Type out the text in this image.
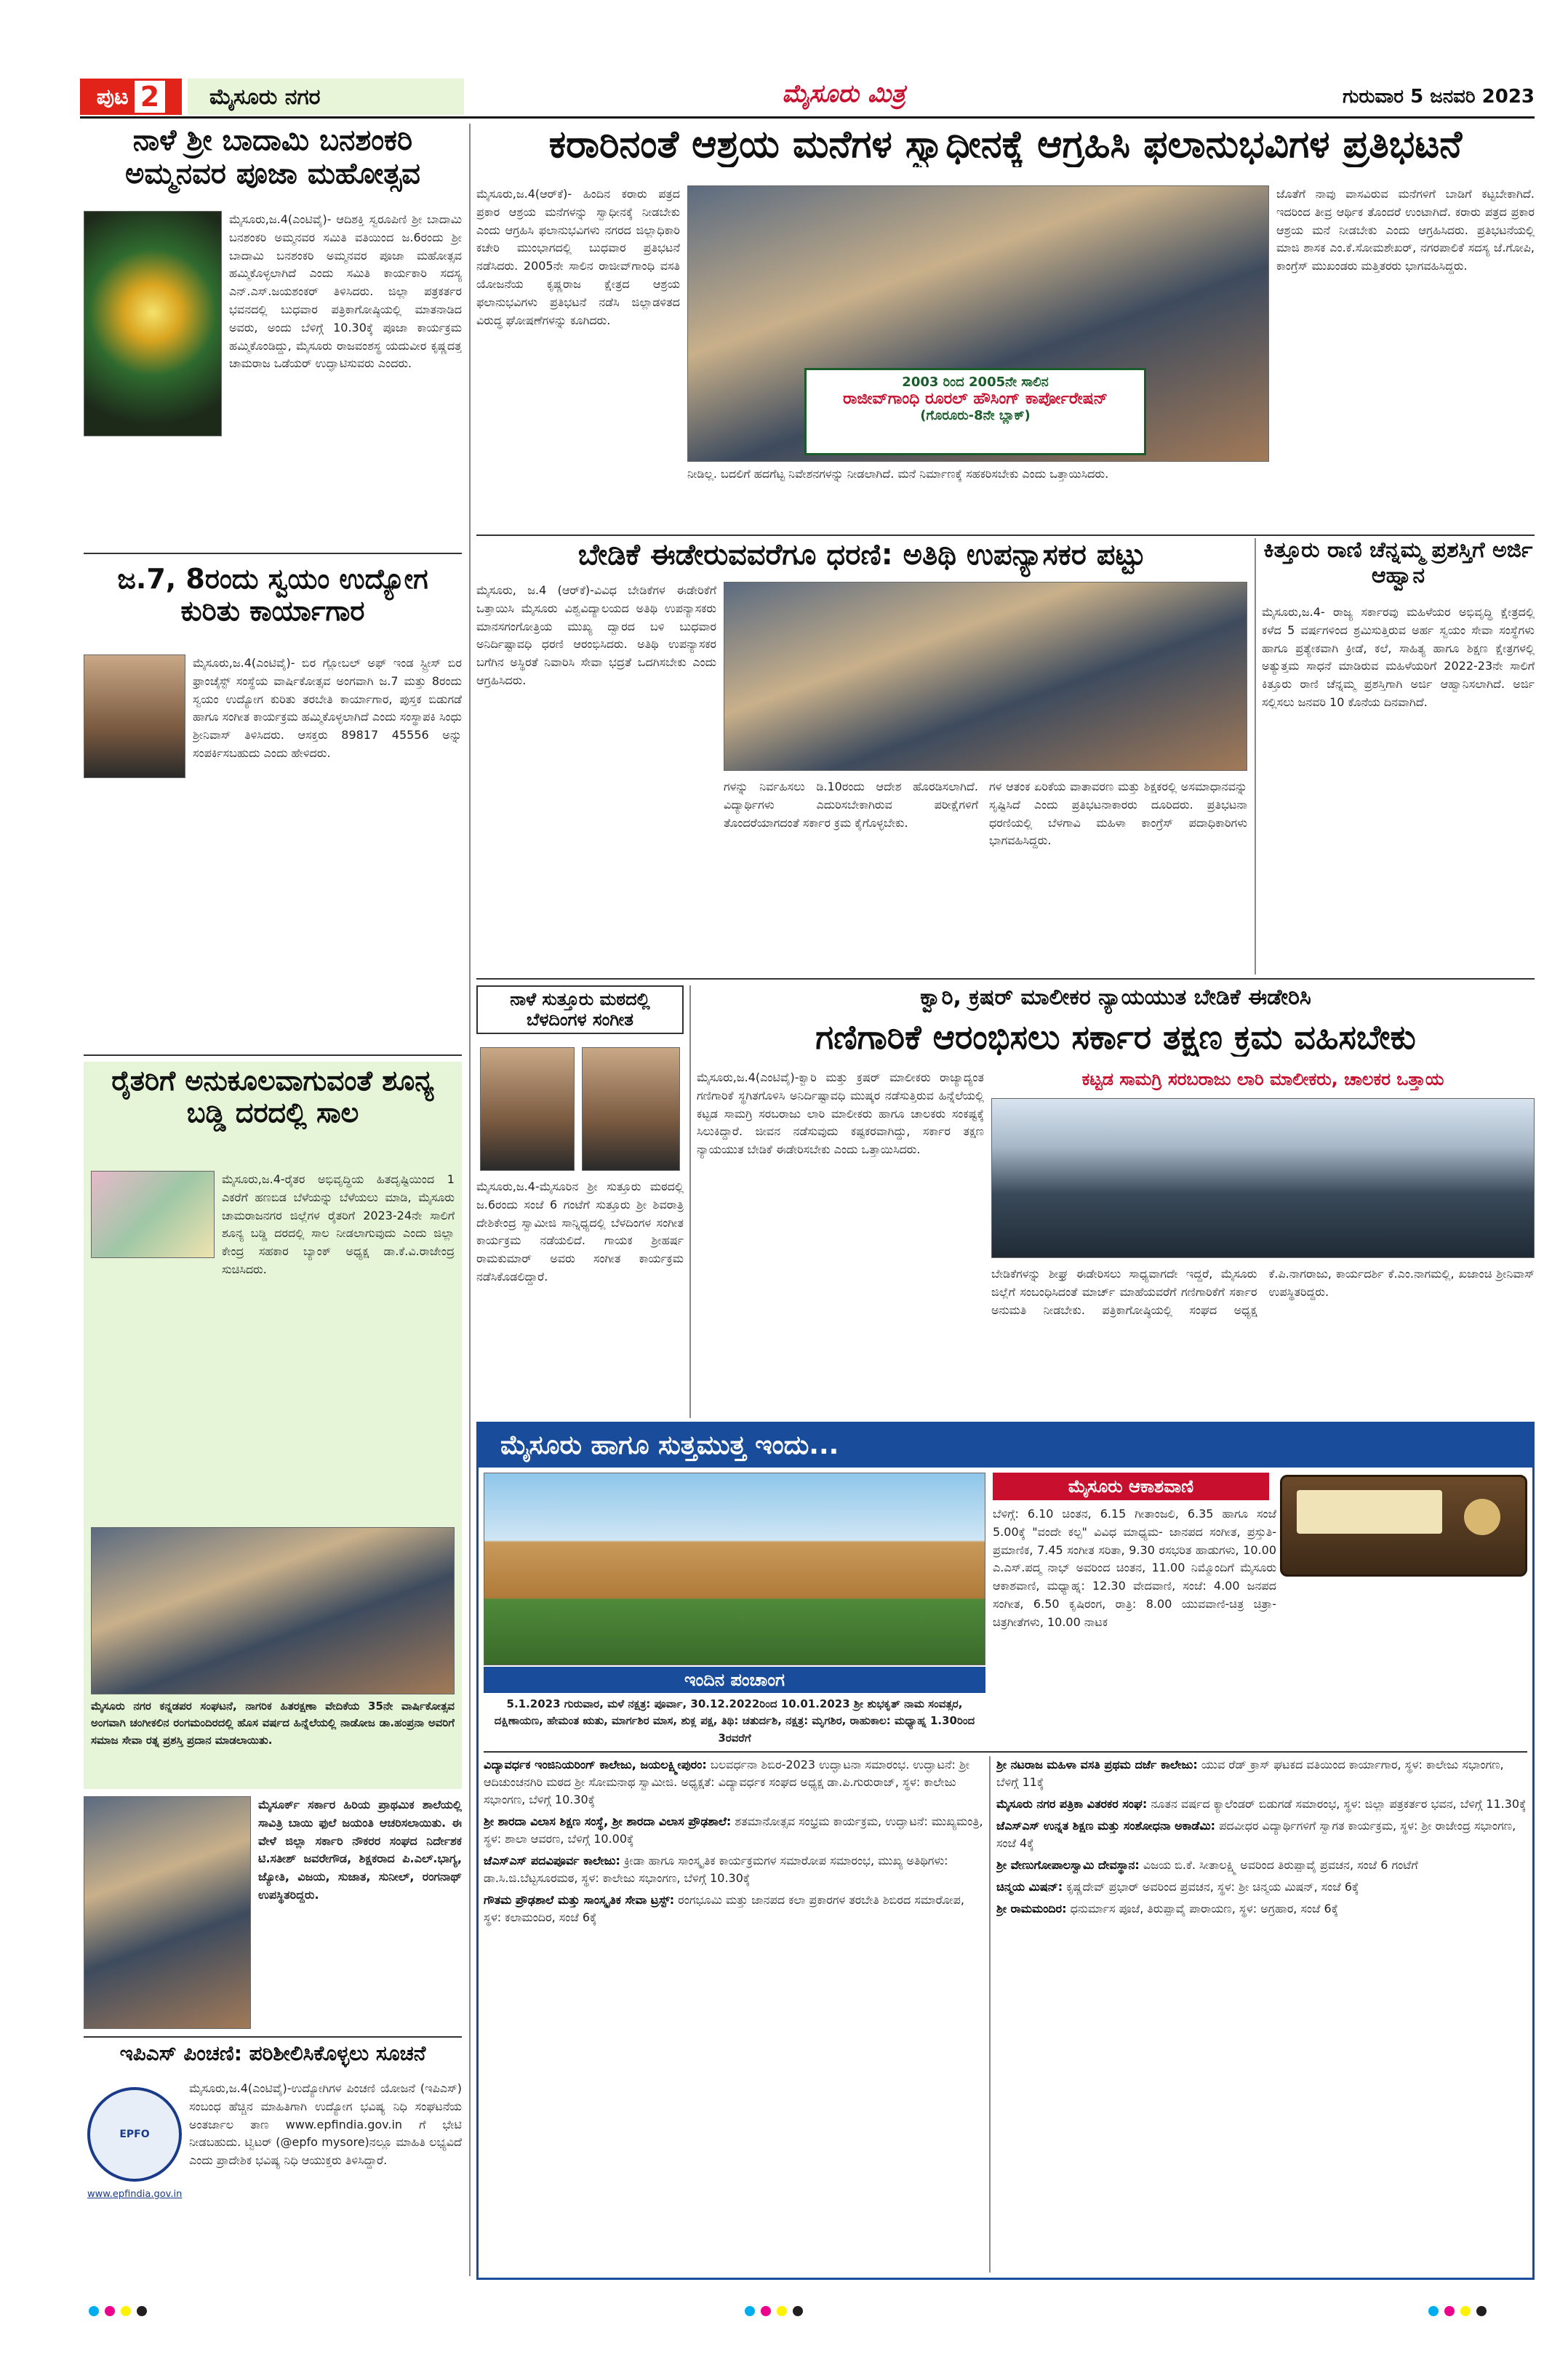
ಪುಟ 2	ಮೈಸೂರು ನಗರ	ಮೈಸೂರು ಮಿತ್ರ	ಗುರುವಾರ 5 ಜನವರಿ 2023
ನಾಳೆ ಶ್ರೀ ಬಾದಾಮಿ ಬನಶಂಕರಿ ಅಮ್ಮನವರ ಪೂಜಾ ಮಹೋತ್ಸವ
ಮೈಸೂರು,ಜ.4(ಎಂಟಿವೈ)- ಆದಿಶಕ್ತಿ ಸ್ವರೂಪಿಣಿ ಶ್ರೀ ಬಾದಾಮಿ ಬನಶಂಕರಿ ಅಮ್ಮನವರ ಸಮಿತಿ ವತಿಯಿಂದ ಜ.6ರಂದು ಶ್ರೀ ಬಾದಾಮಿ ಬನಶಂಕರಿ ಅಮ್ಮನವರ ಪೂಜಾ ಮಹೋತ್ಸವ ಹಮ್ಮಿಕೊಳ್ಳಲಾಗಿದೆ ಎಂದು ಸಮಿತಿ ಕಾರ್ಯಕಾರಿ ಸದಸ್ಯ ಎನ್.ಎಸ್.ಜಯಶಂಕರ್ ತಿಳಿಸಿದರು. ಜಿಲ್ಲಾ ಪತ್ರಕರ್ತರ ಭವನದಲ್ಲಿ ಬುಧವಾರ ಪತ್ರಿಕಾಗೋಷ್ಠಿಯಲ್ಲಿ ಮಾತನಾಡಿದ ಅವರು, ಅಂದು ಬೆಳಿಗ್ಗೆ 10.30ಕ್ಕೆ ಪೂಜಾ ಕಾರ್ಯಕ್ರಮ ಹಮ್ಮಿಕೊಂಡಿದ್ದು, ಮೈಸೂರು ರಾಜವಂಶಸ್ಥ ಯದುವೀರ ಕೃಷ್ಣದತ್ತ ಚಾಮರಾಜ ಒಡೆಯರ್ ಉದ್ಘಾಟಿಸುವರು ಎಂದರು.
ಜ.7, 8ರಂದು ಸ್ವಯಂ ಉದ್ಯೋಗ ಕುರಿತು ಕಾರ್ಯಾಗಾರ
ಮೈಸೂರು,ಜ.4(ಎಂಟಿವೈ)- ಬಿರ ಗ್ಲೋಬಲ್ ಅಫ್ ಇಂಡ ಸ್ಟ್ರೀಸ್ ಬಿರ ಫ್ರಾಂಚೈಸ್ಟ್ ಸಂಸ್ಥೆಯ ವಾರ್ಷಿಕೋತ್ಸವ ಅಂಗವಾಗಿ ಜ.7 ಮತ್ತು 8ರಂದು ಸ್ವಯಂ ಉದ್ಯೋಗ ಕುರಿತು ತರಬೇತಿ ಕಾರ್ಯಾಗಾರ, ಪುಸ್ತಕ ಬಿಡುಗಡೆ ಹಾಗೂ ಸಂಗೀತ ಕಾರ್ಯಕ್ರಮ ಹಮ್ಮಿಕೊಳ್ಳಲಾಗಿದೆ ಎಂದು ಸಂಸ್ಥಾಪಕಿ ಸಿಂಧು ಶ್ರೀನಿವಾಸ್ ತಿಳಿಸಿದರು. ಆಸಕ್ತರು 89817 45556 ಅನ್ನು ಸಂಪರ್ಕಿಸಬಹುದು ಎಂದು ಹೇಳಿದರು.
ರೈತರಿಗೆ ಅನುಕೂಲವಾಗುವಂತೆ ಶೂನ್ಯ ಬಡ್ಡಿ ದರದಲ್ಲಿ ಸಾಲ
ಮೈಸೂರು,ಜ.4-ರೈತರ ಅಭಿವೃದ್ಧಿಯ ಹಿತದೃಷ್ಟಿಯಿಂದ 1 ಎಕರೆಗೆ ಹಣಬಿಡ ಬೆಳೆಯನ್ನು ಬೆಳೆಯಲು ಮಾಡಿ, ಮೈಸೂರು ಚಾಮರಾಜನಗರ ಜಿಲ್ಲೆಗಳ ರೈತರಿಗೆ 2023-24ನೇ ಸಾಲಿಗೆ ಶೂನ್ಯ ಬಡ್ಡಿ ದರದಲ್ಲಿ ಸಾಲ ನೀಡಲಾಗುವುದು ಎಂದು ಜಿಲ್ಲಾ ಕೇಂದ್ರ ಸಹಕಾರ ಬ್ಯಾಂಕ್ ಅಧ್ಯಕ್ಷ ಡಾ.ಕೆ.ವಿ.ರಾಜೇಂದ್ರ ಸುಚಿಸಿದರು.
ಮೈಸೂರು ನಗರ ಕನ್ನಡಪರ ಸಂಘಟನೆ, ನಾಗರಿಕ ಹಿತರಕ್ಷಣಾ ವೇದಿಕೆಯ 35ನೇ ವಾರ್ಷಿಕೋತ್ಸವ ಅಂಗವಾಗಿ ಚಂಗೀಕಲಿನ ರಂಗಮಂದಿರದಲ್ಲಿ ಹೊಸ ವರ್ಷದ ಹಿನ್ನೆಲೆಯಲ್ಲಿ ನಾಡೋಜ ಡಾ.ಹಂಪ್ರನಾ ಅವರಿಗೆ ಸಮಾಜ ಸೇವಾ ರತ್ನ ಪ್ರಶಸ್ತಿ ಪ್ರದಾನ ಮಾಡಲಾಯಿತು.
ಮೈಸೂರ್ಕ್ ಸರ್ಕಾರ ಹಿರಿಯ ಪ್ರಾಥಮಿಕ ಶಾಲೆಯಲ್ಲಿ ಸಾವಿತ್ರಿ ಬಾಯಿ ಫುಲೆ ಜಯಂತಿ ಆಚರಿಸಲಾಯಿತು. ಈ ವೇಳೆ ಜಿಲ್ಲಾ ಸರ್ಕಾರಿ ನೌಕರರ ಸಂಘದ ನಿರ್ದೇಶಕ ಟಿ.ಸತೀಶ್ ಜವರೇಗೌಡ, ಶಿಕ್ಷಕರಾದ ಪಿ.ಎಲ್.ಭಾಗ್ಯ, ಜ್ಯೋತಿ, ವಿಜಯ, ಸುಜಾತ, ಸುನೀಲ್, ರಂಗನಾಥ್ ಉಪಸ್ಥಿತರಿದ್ದರು.
ಇಪಿಎಸ್ ಪಿಂಚಣಿ: ಪರಿಶೀಲಿಸಿಕೊಳ್ಳಲು ಸೂಚನೆ
EPFO
ಮೈಸೂರು,ಜ.4(ಎಂಟಿವೈ)-ಉದ್ಯೋಗಿಗಳ ಪಿಂಚಣಿ ಯೋಜನೆ (ಇಪಿಎಸ್) ಸಂಬಂಧ ಹೆಚ್ಚಿನ ಮಾಹಿತಿಗಾಗಿ ಉದ್ಯೋಗ ಭವಿಷ್ಯ ನಿಧಿ ಸಂಘಟನೆಯ ಅಂತರ್ಜಾಲ ತಾಣ www.epfindia.gov.in ಗೆ ಭೇಟಿ ನೀಡಬಹುದು. ಟ್ವಿಟರ್ (@epfo mysore)ನಲ್ಲೂ ಮಾಹಿತಿ ಲಭ್ಯವಿದೆ ಎಂದು ಪ್ರಾದೇಶಿಕ ಭವಿಷ್ಯ ನಿಧಿ ಆಯುಕ್ತರು ತಿಳಿಸಿದ್ದಾರೆ.
www.epfindia.gov.in
ಕರಾರಿನಂತೆ ಆಶ್ರಯ ಮನೆಗಳ ಸ್ವಾಧೀನಕ್ಕೆ ಆಗ್ರಹಿಸಿ ಫಲಾನುಭವಿಗಳ ಪ್ರತಿಭಟನೆ
ಮೈಸೂರು,ಜ.4(ಆರ್‌ಕೆ)- ಹಿಂದಿನ ಕರಾರು ಪತ್ರದ ಪ್ರಕಾರ ಆಶ್ರಯ ಮನೆಗಳನ್ನು ಸ್ವಾಧೀನಕ್ಕೆ ನೀಡಬೇಕು ಎಂದು ಆಗ್ರಹಿಸಿ ಫಲಾನುಭವಿಗಳು ನಗರದ ಜಿಲ್ಲಾಧಿಕಾರಿ ಕಚೇರಿ ಮುಂಭಾಗದಲ್ಲಿ ಬುಧವಾರ ಪ್ರತಿಭಟನೆ ನಡೆಸಿದರು. 2005ನೇ ಸಾಲಿನ ರಾಜೀವ್‌ಗಾಂಧಿ ವಸತಿ ಯೋಜನೆಯ ಕೃಷ್ಣರಾಜ ಕ್ಷೇತ್ರದ ಆಶ್ರಯ ಫಲಾನುಭವಿಗಳು ಪ್ರತಿಭಟನೆ ನಡೆಸಿ ಜಿಲ್ಲಾಡಳಿತದ ವಿರುದ್ಧ ಘೋಷಣೆಗಳನ್ನು ಕೂಗಿದರು.
2003 ರಿಂದ 2005ನೇ ಸಾಲಿನ
ರಾಜೀವ್‌ಗಾಂಧಿ ರೂರಲ್ ಹೌಸಿಂಗ್ ಕಾರ್ಪೋರೇಷನ್
(ಗೊರೂರು-8ನೇ ಬ್ಲಾಕ್)
ನೀಡಿಲ್ಲ. ಬದಲಿಗೆ ಹದಗೆಟ್ಟ ನಿವೇಶನಗಳನ್ನು ನೀಡಲಾಗಿದೆ. ಮನೆ ನಿರ್ಮಾಣಕ್ಕೆ ಸಹಕರಿಸಬೇಕು ಎಂದು ಒತ್ತಾಯಿಸಿದರು.
ಜೊತೆಗೆ ನಾವು ವಾಸವಿರುವ ಮನೆಗಳಿಗೆ ಬಾಡಿಗೆ ಕಟ್ಟಬೇಕಾಗಿದೆ. ಇದರಿಂದ ತೀವ್ರ ಆರ್ಥಿಕ ತೊಂದರೆ ಉಂಟಾಗಿದೆ. ಕರಾರು ಪತ್ರದ ಪ್ರಕಾರ ಆಶ್ರಯ ಮನೆ ನೀಡಬೇಕು ಎಂದು ಆಗ್ರಹಿಸಿದರು. ಪ್ರತಿಭಟನೆಯಲ್ಲಿ ಮಾಜಿ ಶಾಸಕ ಎಂ.ಕೆ.ಸೋಮಶೇಖರ್, ನಗರಪಾಲಿಕೆ ಸದಸ್ಯ ಜೆ.ಗೋಪಿ, ಕಾಂಗ್ರೆಸ್ ಮುಖಂಡರು ಮತ್ತಿತರರು ಭಾಗವಹಿಸಿದ್ದರು.
ಬೇಡಿಕೆ ಈಡೇರುವವರೆಗೂ ಧರಣಿ: ಅತಿಥಿ ಉಪನ್ಯಾಸಕರ ಪಟ್ಟು
ಮೈಸೂರು, ಜ.4 (ಆರ್‌ಕೆ)-ವಿವಿಧ ಬೇಡಿಕೆಗಳ ಈಡೇರಿಕೆಗೆ ಒತ್ತಾಯಿಸಿ ಮೈಸೂರು ವಿಶ್ವವಿದ್ಯಾಲಯದ ಅತಿಥಿ ಉಪನ್ಯಾಸಕರು ಮಾನಸಗಂಗೋತ್ರಿಯ ಮುಖ್ಯ ದ್ವಾರದ ಬಳಿ ಬುಧವಾರ ಅನಿರ್ದಿಷ್ಟಾವಧಿ ಧರಣಿ ಆರಂಭಿಸಿದರು. ಅತಿಥಿ ಉಪನ್ಯಾಸಕರ ಬಗೆಗಿನ ಅಸ್ಥಿರತೆ ನಿವಾರಿಸಿ ಸೇವಾ ಭದ್ರತೆ ಒದಗಿಸಬೇಕು ಎಂದು ಆಗ್ರಹಿಸಿದರು.
ಗಳನ್ನು ನಿರ್ವಹಿಸಲು ಡಿ.10ರಂದು ಆದೇಶ ಹೊರಡಿಸಲಾಗಿದೆ. ವಿದ್ಯಾರ್ಥಿಗಳು ಎದುರಿಸಬೇಕಾಗಿರುವ ಪರೀಕ್ಷೆಗಳಿಗೆ ತೊಂದರೆಯಾಗದಂತೆ ಸರ್ಕಾರ ಕ್ರಮ ಕೈಗೊಳ್ಳಬೇಕು.
ಗಳ ಆತಂಕ ಏರಿಕೆಯ ವಾತಾವರಣ ಮತ್ತು ಶಿಕ್ಷಕರಲ್ಲಿ ಅಸಮಾಧಾನವನ್ನು ಸೃಷ್ಟಿಸಿದೆ ಎಂದು ಪ್ರತಿಭಟನಾಕಾರರು ದೂರಿದರು. ಪ್ರತಿಭಟನಾ ಧರಣಿಯಲ್ಲಿ ಬೆಳಗಾವಿ ಮಹಿಳಾ ಕಾಂಗ್ರೆಸ್ ಪದಾಧಿಕಾರಿಗಳು ಭಾಗವಹಿಸಿದ್ದರು.
ಕಿತ್ತೂರು ರಾಣಿ ಚೆನ್ನಮ್ಮ ಪ್ರಶಸ್ತಿಗೆ ಅರ್ಜಿ ಆಹ್ವಾನ
ಮೈಸೂರು,ಜ.4- ರಾಜ್ಯ ಸರ್ಕಾರವು ಮಹಿಳೆಯರ ಅಭಿವೃದ್ಧಿ ಕ್ಷೇತ್ರದಲ್ಲಿ ಕಳೆದ 5 ವರ್ಷಗಳಿಂದ ಶ್ರಮಿಸುತ್ತಿರುವ ಅರ್ಹ ಸ್ವಯಂ ಸೇವಾ ಸಂಸ್ಥೆಗಳು ಹಾಗೂ ಪ್ರತ್ಯೇಕವಾಗಿ ಕ್ರೀಡೆ, ಕಲೆ, ಸಾಹಿತ್ಯ ಹಾಗೂ ಶಿಕ್ಷಣ ಕ್ಷೇತ್ರಗಳಲ್ಲಿ ಅತ್ಯುತ್ತಮ ಸಾಧನೆ ಮಾಡಿರುವ ಮಹಿಳೆಯರಿಗೆ 2022-23ನೇ ಸಾಲಿಗೆ ಕಿತ್ತೂರು ರಾಣಿ ಚೆನ್ನಮ್ಮ ಪ್ರಶಸ್ತಿಗಾಗಿ ಅರ್ಜಿ ಆಹ್ವಾನಿಸಲಾಗಿದೆ. ಅರ್ಜಿ ಸಲ್ಲಿಸಲು ಜನವರಿ 10 ಕೊನೆಯ ದಿನವಾಗಿದೆ.
ನಾಳೆ ಸುತ್ತೂರು ಮಠದಲ್ಲಿ ಬೆಳದಿಂಗಳ ಸಂಗೀತ
ಮೈಸೂರು,ಜ.4-ಮೈಸೂರಿನ ಶ್ರೀ ಸುತ್ತೂರು ಮಠದಲ್ಲಿ ಜ.6ರಂದು ಸಂಜೆ 6 ಗಂಟೆಗೆ ಸುತ್ತೂರು ಶ್ರೀ ಶಿವರಾತ್ರಿ ದೇಶಿಕೇಂದ್ರ ಸ್ವಾಮೀಜಿ ಸಾನ್ನಿಧ್ಯದಲ್ಲಿ ಬೆಳದಿಂಗಳ ಸಂಗೀತ ಕಾರ್ಯಕ್ರಮ ನಡೆಯಲಿದೆ. ಗಾಯಕ ಶ್ರೀಹರ್ಷ ರಾಮಕುಮಾರ್ ಅವರು ಸಂಗೀತ ಕಾರ್ಯಕ್ರಮ ನಡೆಸಿಕೊಡಲಿದ್ದಾರೆ.
ಕ್ವಾರಿ, ಕ್ರಷರ್ ಮಾಲೀಕರ ನ್ಯಾಯಯುತ ಬೇಡಿಕೆ ಈಡೇರಿಸಿ
ಗಣಿಗಾರಿಕೆ ಆರಂಭಿಸಲು ಸರ್ಕಾರ ತಕ್ಷಣ ಕ್ರಮ ವಹಿಸಬೇಕು
ಮೈಸೂರು,ಜ.4(ಎಂಟಿವೈ)-ಕ್ವಾರಿ ಮತ್ತು ಕ್ರಷರ್ ಮಾಲೀಕರು ರಾಜ್ಯಾದ್ಯಂತ ಗಣಿಗಾರಿಕೆ ಸ್ಥಗಿತಗೊಳಿಸಿ ಅನಿರ್ದಿಷ್ಟಾವಧಿ ಮುಷ್ಕರ ನಡೆಸುತ್ತಿರುವ ಹಿನ್ನೆಲೆಯಲ್ಲಿ ಕಟ್ಟಡ ಸಾಮಗ್ರಿ ಸರಬರಾಜು ಲಾರಿ ಮಾಲೀಕರು ಹಾಗೂ ಚಾಲಕರು ಸಂಕಷ್ಟಕ್ಕೆ ಸಿಲುಕಿದ್ದಾರೆ. ಜೀವನ ನಡೆಸುವುದು ಕಷ್ಟಕರವಾಗಿದ್ದು, ಸರ್ಕಾರ ತಕ್ಷಣ ನ್ಯಾಯಯುತ ಬೇಡಿಕೆ ಈಡೇರಿಸಬೇಕು ಎಂದು ಒತ್ತಾಯಿಸಿದರು.
ಕಟ್ಟಡ ಸಾಮಗ್ರಿ ಸರಬರಾಜು ಲಾರಿ ಮಾಲೀಕರು, ಚಾಲಕರ ಒತ್ತಾಯ
ಬೇಡಿಕೆಗಳನ್ನು ಶೀಘ್ರ ಈಡೇರಿಸಲು ಸಾಧ್ಯವಾಗದೇ ಇದ್ದರೆ, ಮೈಸೂರು ಜಿಲ್ಲೆಗೆ ಸಂಬಂಧಿಸಿದಂತೆ ಮಾರ್ಚ್ ಮಾಹೆಯವರೆಗೆ ಗಣಿಗಾರಿಕೆಗೆ ಸರ್ಕಾರ ಅನುಮತಿ ನೀಡಬೇಕು. ಪತ್ರಿಕಾಗೋಷ್ಠಿಯಲ್ಲಿ ಸಂಘದ ಅಧ್ಯಕ್ಷ ಕೆ.ಪಿ.ನಾಗರಾಜು, ಕಾರ್ಯದರ್ಶಿ ಕೆ.ಎಂ.ನಾಗಮಲ್ಲಿ, ಖಜಾಂಚಿ ಶ್ರೀನಿವಾಸ್ ಉಪಸ್ಥಿತರಿದ್ದರು.
ಮೈಸೂರು ಹಾಗೂ ಸುತ್ತಮುತ್ತ ಇಂದು...
ಇಂದಿನ ಪಂಚಾಂಗ
5.1.2023 ಗುರುವಾರ, ಮಳೆ ನಕ್ಷತ್ರ: ಪೂರ್ವಾ, 30.12.2022ರಿಂದ 10.01.2023 ಶ್ರೀ ಶುಭಕೃತ್ ನಾಮ ಸಂವತ್ಸರ, ದಕ್ಷಿಣಾಯಣ, ಹೇಮಂತ ಋತು, ಮಾರ್ಗಶಿರ ಮಾಸ, ಶುಕ್ಲ ಪಕ್ಷ, ತಿಥಿ: ಚತುರ್ದಶಿ, ನಕ್ಷತ್ರ: ಮೃಗಶಿರ, ರಾಹುಕಾಲ: ಮಧ್ಯಾಹ್ನ 1.30ರಿಂದ 3ರವರೆಗೆ
ಮೈಸೂರು ಆಕಾಶವಾಣಿ
ಬೆಳಿಗ್ಗೆ: 6.10 ಚಿಂತನ, 6.15 ಗೀತಾಂಜಲಿ, 6.35 ಹಾಗೂ ಸಂಜೆ 5.00ಕ್ಕೆ "ವಂದೇ ಕಲ್ಪ" ವಿವಿಧ ಮಾಧ್ಯಮ- ಜಾನಪದ ಸಂಗೀತ, ಪ್ರಸ್ತುತಿ-ಪ್ರಮಾಣಿಕ, 7.45 ಸಂಗೀತ ಸರಿತಾ, 9.30 ರಸಭರಿತ ಹಾಡುಗಳು, 10.00 ಎ.ಎಸ್.ಪದ್ಮ ನಾಭ್ ಅವರಿಂದ ಚಿಂತನ, 11.00 ನಿಮ್ಮೊಂದಿಗೆ ಮೈಸೂರು ಆಕಾಶವಾಣಿ, ಮಧ್ಯಾಹ್ನ: 12.30 ವೇದವಾಣಿ, ಸಂಜೆ: 4.00 ಜನಪದ ಸಂಗೀತ, 6.50 ಕೃಷಿರಂಗ, ರಾತ್ರಿ: 8.00 ಯುವವಾಣಿ-ಚಿತ್ರ ಚಿತ್ರಾ-ಚಿತ್ರಗೀತೆಗಳು, 10.00 ನಾಟಕ
ವಿದ್ಯಾವರ್ಧಕ ಇಂಜಿನಿಯರಿಂಗ್ ಕಾಲೇಜು, ಜಯಲಕ್ಷ್ಮೀಪುರಂ: ಬಲವರ್ಧನಾ ಶಿಬಿರ-2023 ಉದ್ಘಾಟನಾ ಸಮಾರಂಭ. ಉದ್ಘಾಟನೆ: ಶ್ರೀ ಆದಿಚುಂಚನಗಿರಿ ಮಠದ ಶ್ರೀ ಸೋಮನಾಥ ಸ್ವಾಮೀಜಿ. ಅಧ್ಯಕ್ಷತೆ: ವಿದ್ಯಾವರ್ಧಕ ಸಂಘದ ಅಧ್ಯಕ್ಷ ಡಾ.ಪಿ.ಗುರುರಾಜ್, ಸ್ಥಳ: ಕಾಲೇಜು ಸಭಾಂಗಣ, ಬೆಳಿಗ್ಗೆ 10.30ಕ್ಕೆ
ಶ್ರೀ ಶಾರದಾ ವಿಲಾಸ ಶಿಕ್ಷಣ ಸಂಸ್ಥೆ, ಶ್ರೀ ಶಾರದಾ ವಿಲಾಸ ಪ್ರೌಢಶಾಲೆ: ಶತಮಾನೋತ್ಸವ ಸಂಭ್ರಮ ಕಾರ್ಯಕ್ರಮ, ಉದ್ಘಾಟನೆ: ಮುಖ್ಯಮಂತ್ರಿ, ಸ್ಥಳ: ಶಾಲಾ ಆವರಣ, ಬೆಳಿಗ್ಗೆ 10.00ಕ್ಕೆ
ಜೆಎಸ್‌ಎಸ್ ಪದವಿಪೂರ್ವ ಕಾಲೇಜು: ಕ್ರೀಡಾ ಹಾಗೂ ಸಾಂಸ್ಕೃತಿಕ ಕಾರ್ಯಕ್ರಮಗಳ ಸಮಾರೋಪ ಸಮಾರಂಭ, ಮುಖ್ಯ ಅತಿಥಿಗಳು: ಡಾ.ಸಿ.ಜಿ.ಬೆಟ್ಟಸೂರಮಠ, ಸ್ಥಳ: ಕಾಲೇಜು ಸಭಾಂಗಣ, ಬೆಳಿಗ್ಗೆ 10.30ಕ್ಕೆ
ಗೌತಮ ಪ್ರೌಢಶಾಲೆ ಮತ್ತು ಸಾಂಸ್ಕೃತಿಕ ಸೇವಾ ಟ್ರಸ್ಟ್: ರಂಗಭೂಮಿ ಮತ್ತು ಜಾನಪದ ಕಲಾ ಪ್ರಕಾರಗಳ ತರಬೇತಿ ಶಿಬಿರದ ಸಮಾರೋಪ, ಸ್ಥಳ: ಕಲಾಮಂದಿರ, ಸಂಜೆ 6ಕ್ಕೆ
ಶ್ರೀ ನಟರಾಜ ಮಹಿಳಾ ವಸತಿ ಪ್ರಥಮ ದರ್ಜೆ ಕಾಲೇಜು: ಯುವ ರೆಡ್ ಕ್ರಾಸ್ ಘಟಕದ ವತಿಯಿಂದ ಕಾರ್ಯಾಗಾರ, ಸ್ಥಳ: ಕಾಲೇಜು ಸಭಾಂಗಣ, ಬೆಳಿಗ್ಗೆ 11ಕ್ಕೆ
ಮೈಸೂರು ನಗರ ಪತ್ರಿಕಾ ವಿತರಕರ ಸಂಘ: ನೂತನ ವರ್ಷದ ಕ್ಯಾಲೆಂಡರ್ ಬಿಡುಗಡೆ ಸಮಾರಂಭ, ಸ್ಥಳ: ಜಿಲ್ಲಾ ಪತ್ರಕರ್ತರ ಭವನ, ಬೆಳಿಗ್ಗೆ 11.30ಕ್ಕೆ
ಜೆಎಸ್‌ಎಸ್ ಉನ್ನತ ಶಿಕ್ಷಣ ಮತ್ತು ಸಂಶೋಧನಾ ಅಕಾಡೆಮಿ: ಪದವೀಧರ ವಿದ್ಯಾರ್ಥಿಗಳಿಗೆ ಸ್ವಾಗತ ಕಾರ್ಯಕ್ರಮ, ಸ್ಥಳ: ಶ್ರೀ ರಾಜೇಂದ್ರ ಸಭಾಂಗಣ, ಸಂಜೆ 4ಕ್ಕೆ
ಶ್ರೀ ವೇಣುಗೋಪಾಲಸ್ವಾಮಿ ದೇವಸ್ಥಾನ: ವಿಜಯ ಬಿ.ಕೆ. ಸೀತಾಲಕ್ಷ್ಮಿ ಅವರಿಂದ ತಿರುಪ್ಪಾವೈ ಪ್ರವಚನ, ಸಂಜೆ 6 ಗಂಟೆಗೆ
ಚಿನ್ಮಯ ಮಿಷನ್: ಕೃಷ್ಣದೇವ್ ಪ್ರಭಾರ್ ಅವರಿಂದ ಪ್ರವಚನ, ಸ್ಥಳ: ಶ್ರೀ ಚಿನ್ಮಯ ಮಿಷನ್, ಸಂಜೆ 6ಕ್ಕೆ
ಶ್ರೀ ರಾಮಮಂದಿರ: ಧನುರ್ಮಾಸ ಪೂಜೆ, ತಿರುಪ್ಪಾವೈ ಪಾರಾಯಣ, ಸ್ಥಳ: ಅಗ್ರಹಾರ, ಸಂಜೆ 6ಕ್ಕೆ
